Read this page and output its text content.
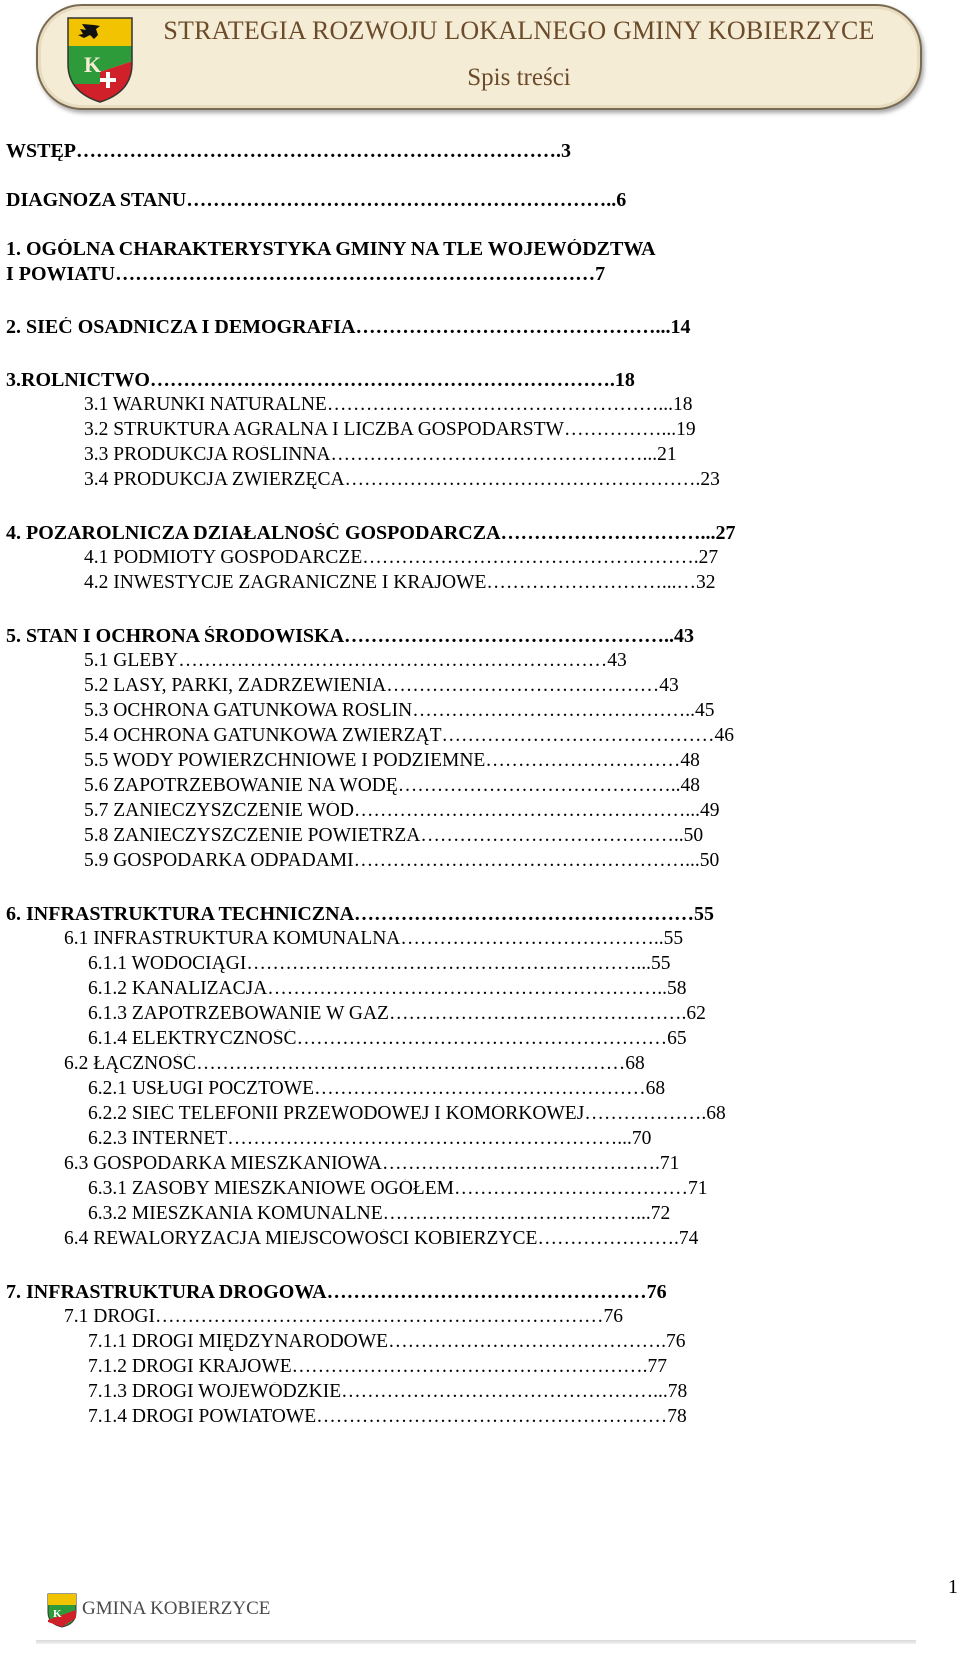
K
STRATEGIA ROZWOJU LOKALNEGO GMINY KOBIERZYCE
Spis treści
WSTĘP……………………………………………………………….3
DIAGNOZA STANU………………………………………………………..6
1. OGÓLNA CHARAKTERYSTYKA GMINY NA TLE WOJEWÓDZTWA
I POWIATU………………………………………………………………7
2. SIEĆ OSADNICZA I DEMOGRAFIA………………………………………...14
3.ROLNICTWO…………………………………………………………….18
3.1 WARUNKI NATURALNE……………………………………………...18
3.2 STRUKTURA AGRALNA I LICZBA GOSPODARSTW……………...19
3.3 PRODUKCJA ROŚLINNA…………………………………………...21
3.4 PRODUKCJA ZWIERZĘCA……………………………………………….23
4. POZAROLNICZA DZIAŁALNOŚĆ GOSPODARCZA…………………………...27
4.1 PODMIOTY GOSPODARCZE…………………………………………….27
4.2 INWESTYCJE ZAGRANICZNE I KRAJOWE………………………...…32
5. STAN I OCHRONA ŚRODOWISKA…………………………………………..43
5.1 GLEBY…………………………………………………………43
5.2 LASY, PARKI, ZADRZEWIENIA……………………………………43
5.3 OCHRONA GATUNKOWA ROŚLIN……………………………………..45
5.4 OCHRONA GATUNKOWA ZWIERZĄT……………………………………46
5.5 WODY POWIERZCHNIOWE I PODZIEMNE…………………………48
5.6 ZAPOTRZEBOWANIE NA WODĘ……………………………………..48
5.7 ZANIECZYSZCZENIE WÓD……………………………………………...49
5.8 ZANIECZYSZCZENIE POWIETRZA…………………………………..50
5.9 GOSPODARKA ODPADAMI……………………………………………...50
6. INFRASTRUKTURA TECHNICZNA……………………………………………55
6.1 INFRASTRUKTURA KOMUNALNA…………………………………..55
6.1.1 WODOCIĄGI……………………………………………………...55
6.1.2 KANALIZACJA……………………………………………………..58
6.1.3 ZAPOTRZEBOWANIE W GAZ……………………………………….62
6.1.4 ELEKTRYCZNOŚĆ…………………………………………………65
6.2 ŁĄCZNOŚĆ…………………………………………………………68
6.2.1 USŁUGI POCZTOWE……………………………………………68
6.2.2 SIEĆ TELEFONII PRZEWODOWEJ I KOMÓRKOWEJ……………….68
6.2.3 INTERNET……………………………………………………...70
6.3 GOSPODARKA MIESZKANIOWA…………………………………….71
6.3.1 ZASOBY MIESZKANIOWE OGÓŁEM………………………………71
6.3.2 MIESZKANIA KOMUNALNE…………………………………...72
6.4 REWALORYZACJA MIEJSCOWOŚCI KOBIERZYCE………………….74
7. INFRASTRUKTURA DROGOWA…………………………………………76
7.1 DROGI……………………………………………………………76
7.1.1 DROGI MIĘDZYNARODOWE…………………………………….76
7.1.2 DROGI KRAJOWE……………………………………………….77
7.1.3 DROGI WOJEWÓDZKIE…………………………………………...78
7.1.4 DROGI POWIATOWE………………………………………………78
K GMINA KOBIERZYCE
1
